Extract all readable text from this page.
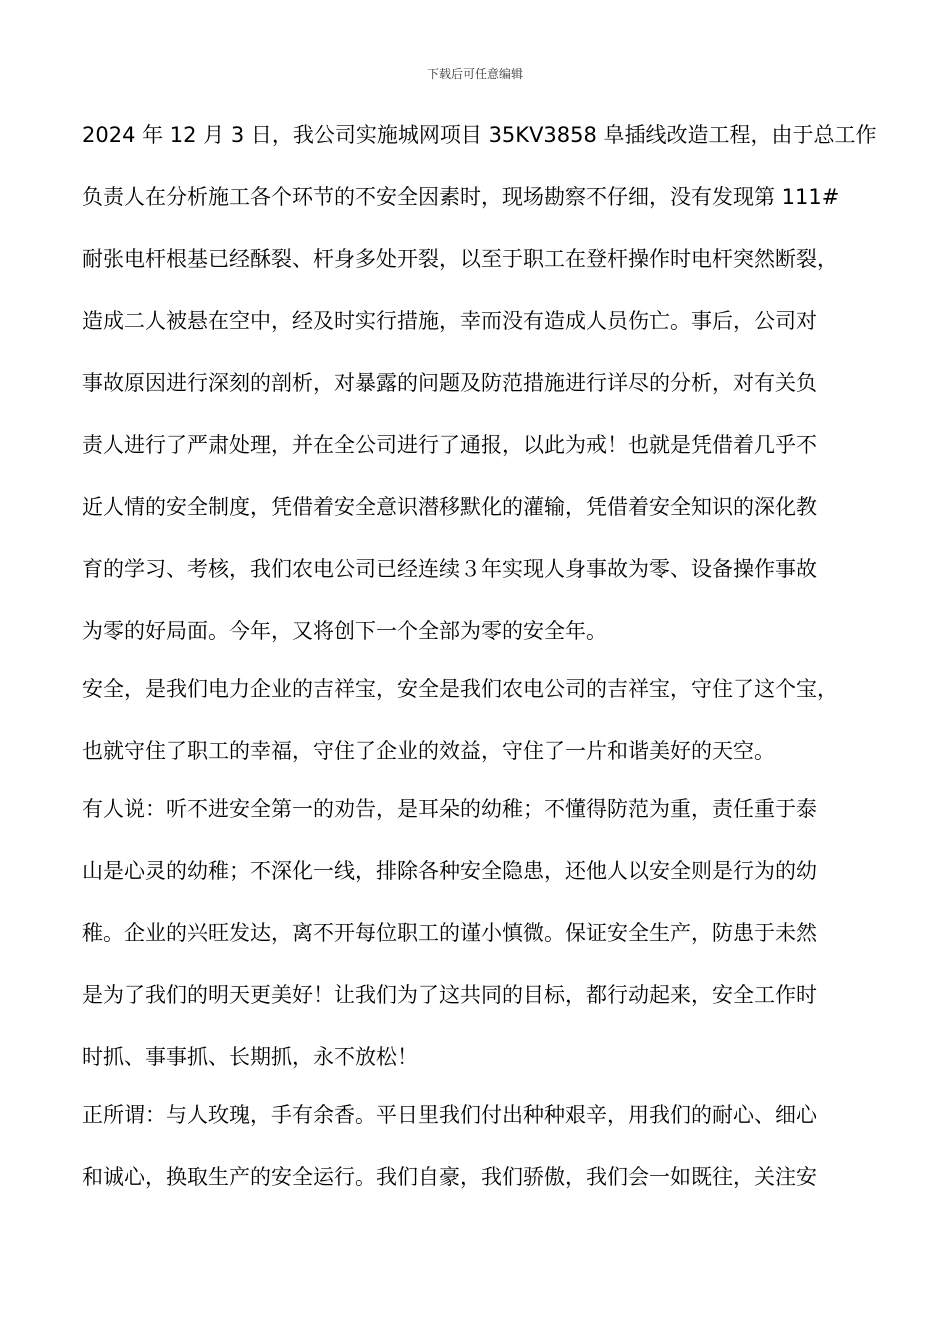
下载后可任意编辑
2024 年 12 月 3 日，我公司实施城网项目 35KV3858 阜插线改造工程，由于总工作
负责人在分析施工各个环节的不安全因素时，现场勘察不仔细，没有发现第 111#
耐张电杆根基已经酥裂、杆身多处开裂，以至于职工在登杆操作时电杆突然断裂，
造成二人被悬在空中，经及时实行措施，幸而没有造成人员伤亡。事后，公司对
事故原因进行深刻的剖析，对暴露的问题及防范措施进行详尽的分析，对有关负
责人进行了严肃处理，并在全公司进行了通报，以此为戒！也就是凭借着几乎不
近人情的安全制度，凭借着安全意识潜移默化的灌输，凭借着安全知识的深化教
育的学习、考核，我们农电公司已经连续３年实现人身事故为零、设备操作事故
为零的好局面。今年，又将创下一个全部为零的安全年。
安全，是我们电力企业的吉祥宝，安全是我们农电公司的吉祥宝，守住了这个宝，
也就守住了职工的幸福，守住了企业的效益，守住了一片和谐美好的天空。
有人说：听不进安全第一的劝告，是耳朵的幼稚；不懂得防范为重，责任重于泰
山是心灵的幼稚；不深化一线，排除各种安全隐患，还他人以安全则是行为的幼
稚。企业的兴旺发达，离不开每位职工的谨小慎微。保证安全生产，防患于未然
是为了我们的明天更美好！让我们为了这共同的目标，都行动起来，安全工作时
时抓、事事抓、长期抓，永不放松！
正所谓：与人玫瑰，手有余香。平日里我们付出种种艰辛，用我们的耐心、细心
和诚心，换取生产的安全运行。我们自豪，我们骄傲，我们会一如既往，关注安
